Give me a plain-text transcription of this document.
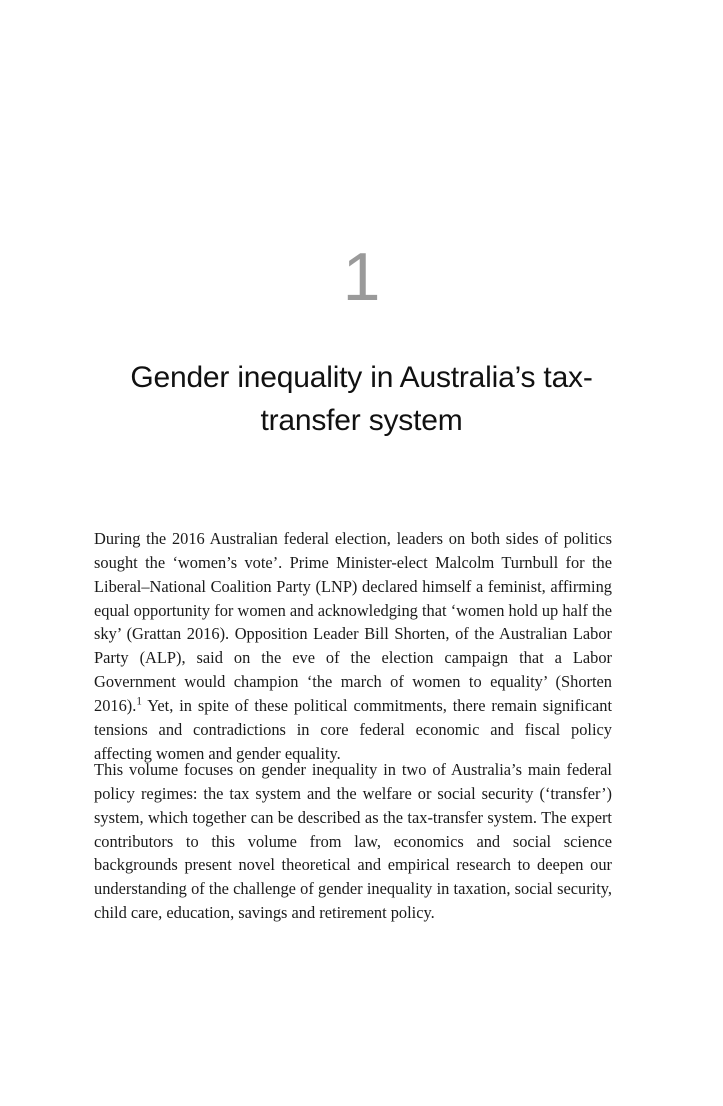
1
Gender inequality in Australia’s tax-transfer system

During the 2016 Australian federal election, leaders on both sides of politics sought the ‘women’s vote’. Prime Minister-elect Malcolm Turnbull for the Liberal–National Coalition Party (LNP) declared himself a feminist, affirming equal opportunity for women and acknowledging that ‘women hold up half the sky’ (Grattan 2016). Opposition Leader Bill Shorten, of the Australian Labor Party (ALP), said on the eve of the election campaign that a Labor Government would champion ‘the march of women to equality’ (Shorten 2016).$^1$ Yet, in spite of these political commitments, there remain significant tensions and contradictions in core federal economic and fiscal policy affecting women and gender equality.

This volume focuses on gender inequality in two of Australia’s main federal policy regimes: the tax system and the welfare or social security (‘transfer’) system, which together can be described as the tax-transfer system. The expert contributors to this volume from law, economics and social science backgrounds present novel theoretical and empirical research to deepen our understanding of the challenge of gender inequality in taxation, social security, child care, education, savings and retirement policy.
